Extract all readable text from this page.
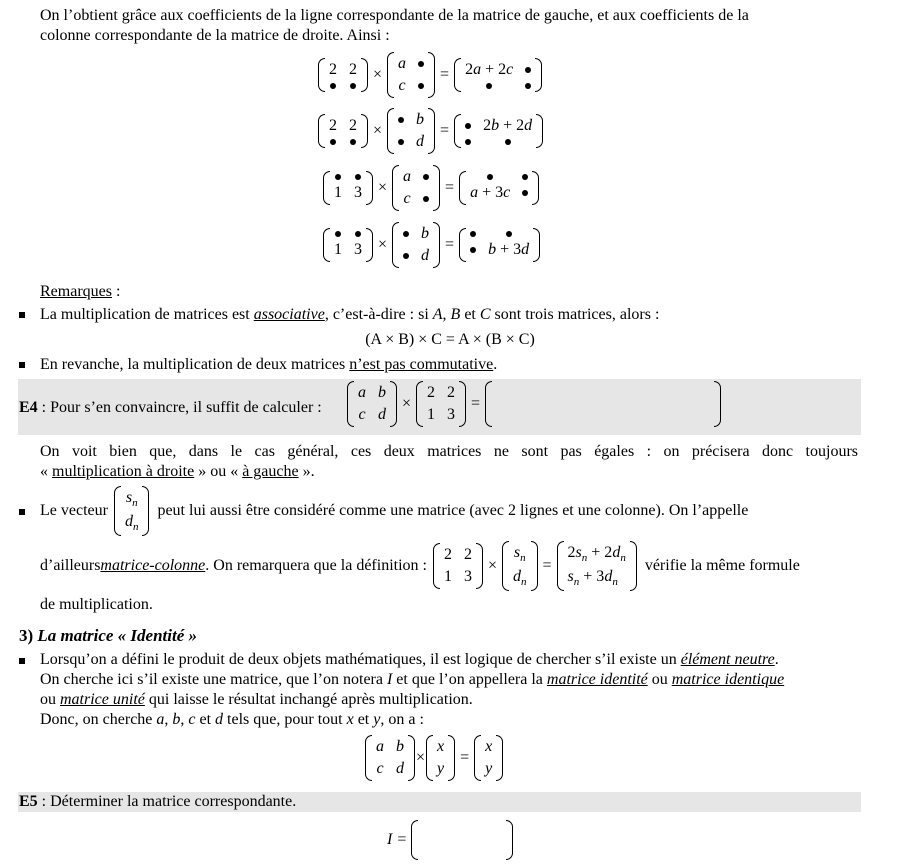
On l’obtient grâce aux coefficients de la ligne correspondante de la matrice de gauche, et aux coefficients de la
colonne correspondante de la matrice de droite. Ainsi :
2 2 ×
a
c
= 2a + 2c
2 2 ×
b
d
= 2b + 2d
1 3 ×
a
c
= a + 3c
1 3 ×
b
d
= b + 3d
Remarques :
La multiplication de matrices est associative, c’est-à-dire : si A, B et C sont trois matrices, alors :
(A × B) × C = A × (B × C)
En revanche, la multiplication de deux matrices n’est pas commutative.
E4 : Pour s’en convaincre, il suffit de calculer :
a b
c d
×
2 2
1 3
=
On voit bien que, dans le cas général, ces deux matrices ne sont pas égales : on précisera donc toujours
« multiplication à droite » ou « à gauche ».
Le vecteur
$s_n$
$d_n$
peut lui aussi être considéré comme une matrice (avec 2 lignes et une colonne). On l’appelle
d’ailleurs matrice-colonne . On remarquera que la définition :
2 2
1 3
×
$s_n$
$d_n$
=
$2s_n + 2d_n$
$s_n + 3d_n$
vérifie la même formule
de multiplication.
3) La matrice « Identité »
Lorsqu’on a défini le produit de deux objets mathématiques, il est logique de chercher s’il existe un élément neutre.
On cherche ici s’il existe une matrice, que l’on notera I et que l’on appellera la matrice identité ou matrice identique
ou matrice unité qui laisse le résultat inchangé après multiplication.
Donc, on cherche a, b, c et d tels que, pour tout x et y, on a :
a b
c d
×
x
y
=
x
y
E5 : Déterminer la matrice correspondante.
I =
